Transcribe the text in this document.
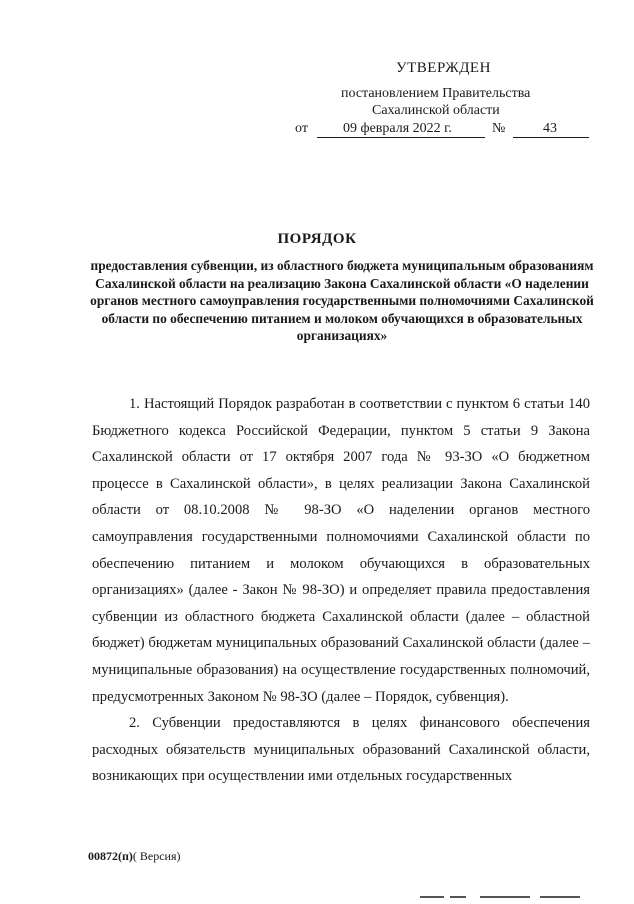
УТВЕРЖДЕН
постановлением Правительства
Сахалинской области
от	09 февраля 2022 г.	№	43
ПОРЯДОК
предоставления субвенции, из областного бюджета муниципальным образованиям Сахалинской области на реализацию Закона Сахалинской области «О наделении органов местного самоуправления государственными полномочиями Сахалинской области по обеспечению питанием и молоком обучающихся в образовательных организациях»

1. Настоящий Порядок разработан в соответствии с пунктом 6 статьи 140 Бюджетного кодекса Российской Федерации, пунктом 5 статьи 9 Закона Сахалинской области от 17 октября 2007 года № 93-ЗО «О бюджетном процессе в Сахалинской области», в целях реализации Закона Сахалинской области от 08.10.2008 № 98-ЗО «О наделении органов местного самоуправления государственными полномочиями Сахалинской области по обеспечению питанием и молоком обучающихся в образовательных организациях» (далее - Закон № 98-ЗО) и определяет правила предоставления субвенции из областного бюджета Сахалинской области (далее – областной бюджет) бюджетам муниципальных образований Сахалинской области (далее – муниципальные образования) на осуществление государственных полномочий, предусмотренных Законом № 98-ЗО (далее – Порядок, субвенция).

2. Субвенции предоставляются в целях финансового обеспечения расходных обязательств муниципальных образований Сахалинской области, возникающих при осуществлении ими отдельных государственных

00872(п)( Версия)
